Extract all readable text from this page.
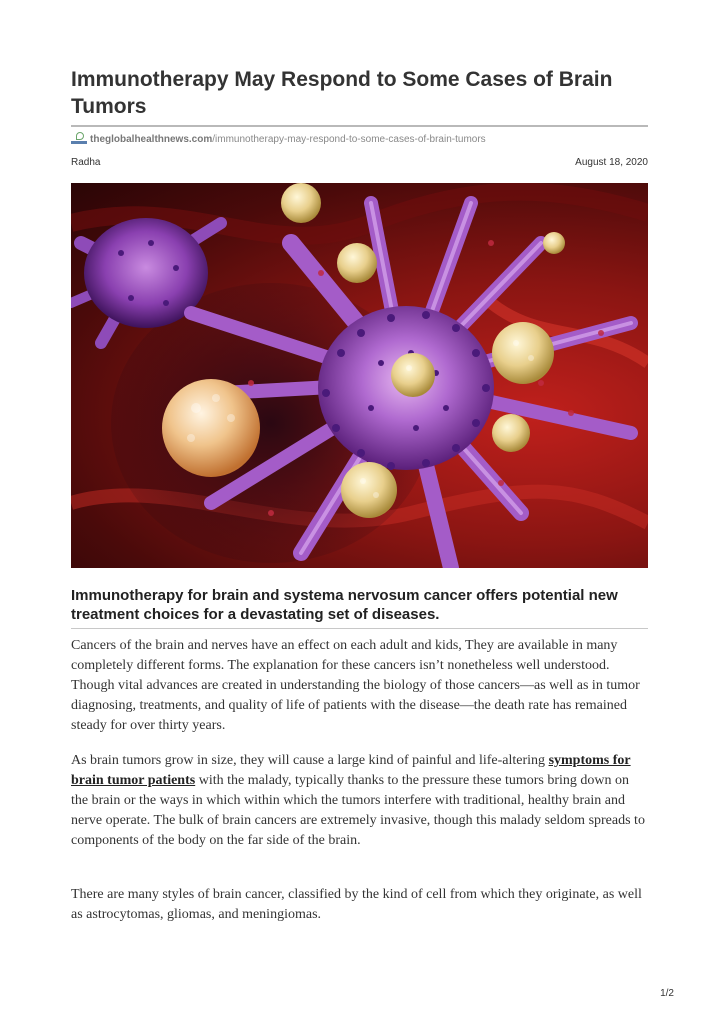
Immunotherapy May Respond to Some Cases of Brain Tumors
theglobalhealthnews.com/immunotherapy-may-respond-to-some-cases-of-brain-tumors
Radha	August 18, 2020
Immunotherapy for brain and systema nervosum cancer offers potential new treatment choices for a devastating set of diseases.

Cancers of the brain and nerves have an effect on each adult and kids, They are available in many completely different forms. The explanation for these cancers isn’t nonetheless well understood. Though vital advances are created in understanding the biology of those cancers—as well as in tumor diagnosing, treatments, and quality of life of patients with the disease—the death rate has remained steady for over thirty years.

As brain tumors grow in size, they will cause a large kind of painful and life-altering symptoms for brain tumor patients with the malady, typically thanks to the pressure these tumors bring down on the brain or the ways in which within which the tumors interfere with traditional, healthy brain and nerve operate. The bulk of brain cancers are extremely invasive, though this malady seldom spreads to components of the body on the far side of the brain.

There are many styles of brain cancer, classified by the kind of cell from which they originate, as well as astrocytomas, gliomas, and meningiomas.

1/2
